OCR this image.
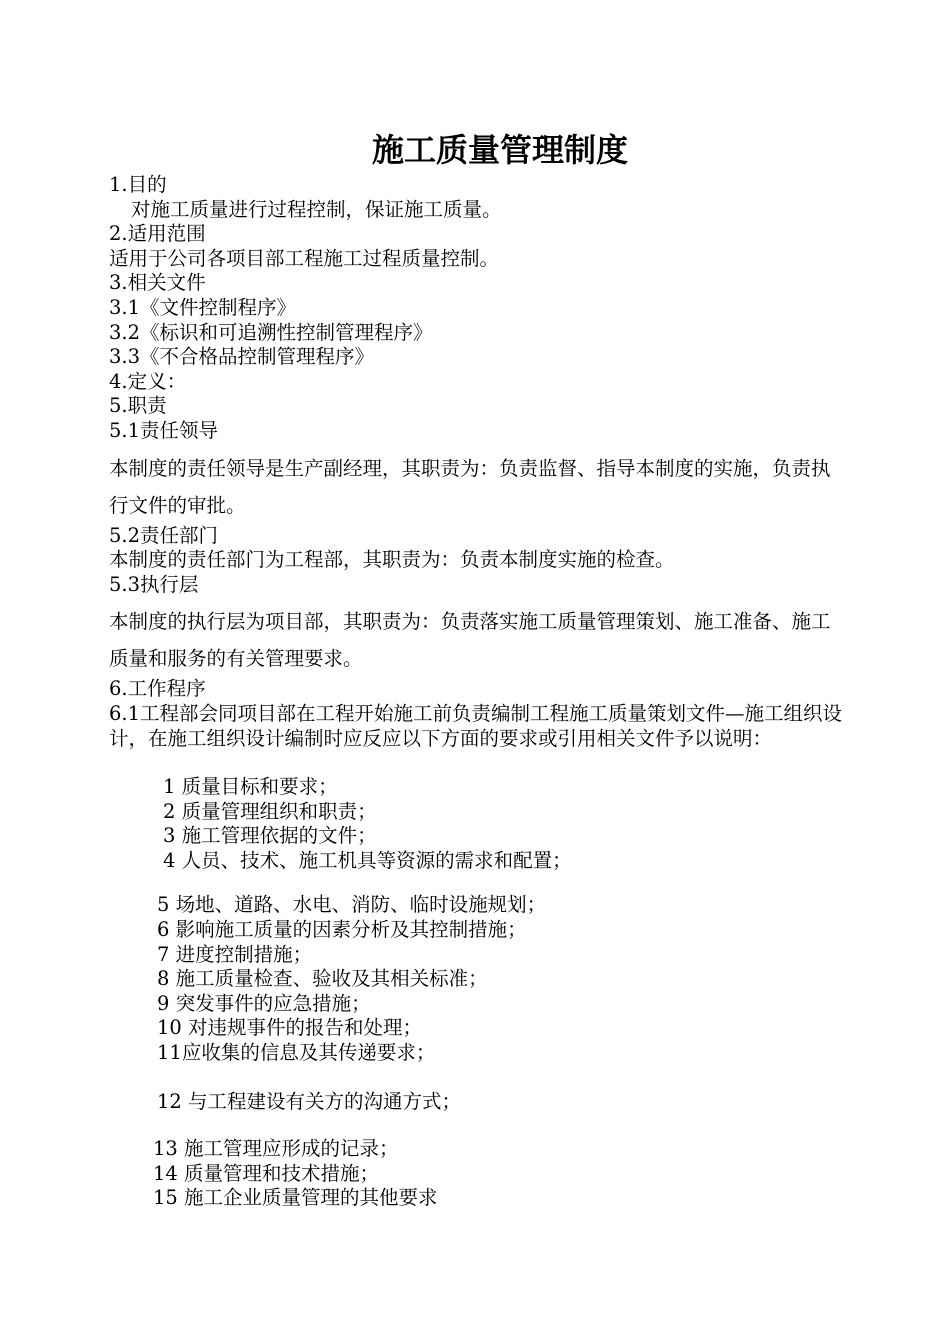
施工质量管理制度

1.目的

对施工质量进行过程控制，保证施工质量。

2.适用范围

适用于公司各项目部工程施工过程质量控制。

3.相关文件

3.1《文件控制程序》

3.2《标识和可追溯性控制管理程序》

3.3《不合格品控制管理程序》

4.定义：

5.职责

5.1责任领导

本制度的责任领导是生产副经理，其职责为：负责监督、指导本制度的实施，负责执行文件的审批。

5.2责任部门

本制度的责任部门为工程部，其职责为：负责本制度实施的检查。

5.3执行层

本制度的执行层为项目部，其职责为：负责落实施工质量管理策划、施工准备、施工质量和服务的有关管理要求。

6.工作程序

6.1工程部会同项目部在工程开始施工前负责编制工程施工质量策划文件—施工组织设计，在施工组织设计编制时应反应以下方面的要求或引用相关文件予以说明：

1 质量目标和要求；
2 质量管理组织和职责；
3 施工管理依据的文件；
4 人员、技术、施工机具等资源的需求和配置；
5 场地、道路、水电、消防、临时设施规划；
6 影响施工质量的因素分析及其控制措施；
7 进度控制措施；
8 施工质量检查、验收及其相关标准；
9 突发事件的应急措施；
10 对违规事件的报告和处理；
11应收集的信息及其传递要求；
12 与工程建设有关方的沟通方式；
13 施工管理应形成的记录；
14 质量管理和技术措施；
15 施工企业质量管理的其他要求
